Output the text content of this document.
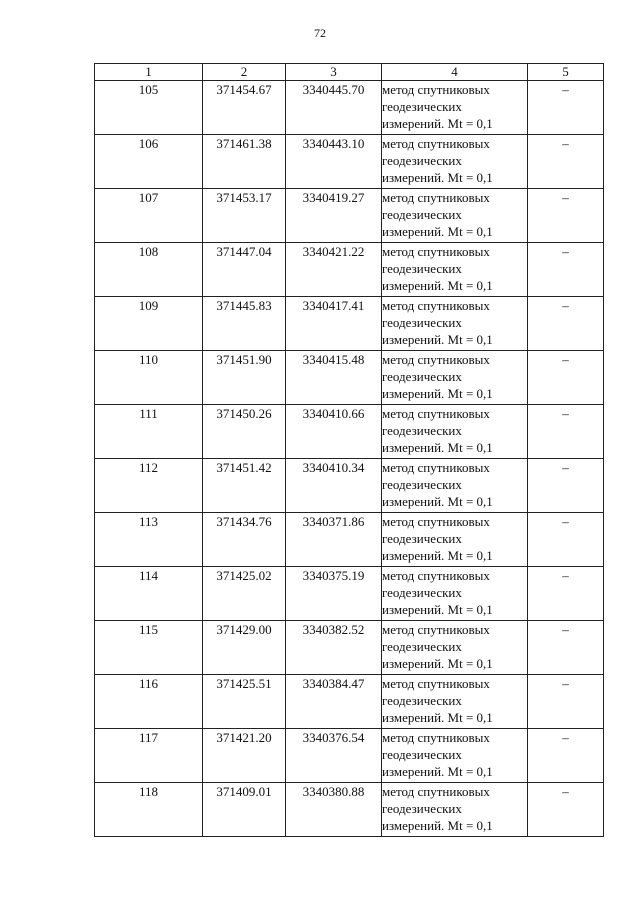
72
1	2	3	4	5
105	371454.67	3340445.70	метод спутниковых
геодезических
измерений. Mt = 0,1	–
106	371461.38	3340443.10	метод спутниковых
геодезических
измерений. Mt = 0,1	–
107	371453.17	3340419.27	метод спутниковых
геодезических
измерений. Mt = 0,1	–
108	371447.04	3340421.22	метод спутниковых
геодезических
измерений. Mt = 0,1	–
109	371445.83	3340417.41	метод спутниковых
геодезических
измерений. Mt = 0,1	–
110	371451.90	3340415.48	метод спутниковых
геодезических
измерений. Mt = 0,1	–
111	371450.26	3340410.66	метод спутниковых
геодезических
измерений. Mt = 0,1	–
112	371451.42	3340410.34	метод спутниковых
геодезических
измерений. Mt = 0,1	–
113	371434.76	3340371.86	метод спутниковых
геодезических
измерений. Mt = 0,1	–
114	371425.02	3340375.19	метод спутниковых
геодезических
измерений. Mt = 0,1	–
115	371429.00	3340382.52	метод спутниковых
геодезических
измерений. Mt = 0,1	–
116	371425.51	3340384.47	метод спутниковых
геодезических
измерений. Mt = 0,1	–
117	371421.20	3340376.54	метод спутниковых
геодезических
измерений. Mt = 0,1	–
118	371409.01	3340380.88	метод спутниковых
геодезических
измерений. Mt = 0,1	–
